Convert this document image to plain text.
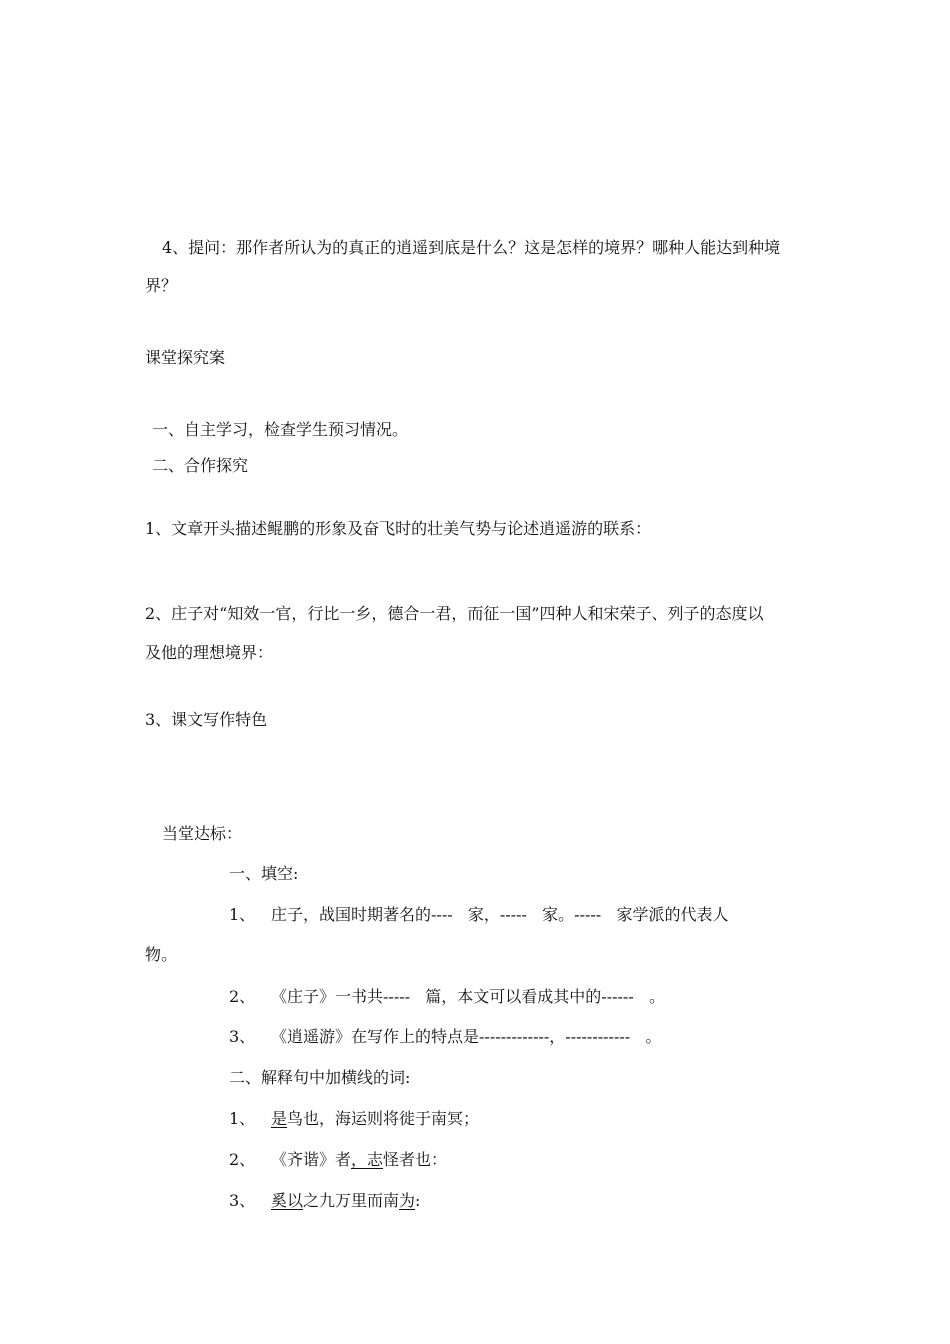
4、提问：那作者所认为的真正的逍遥到底是什么？这是怎样的境界？哪种人能达到种境
界？
课堂探究案
一、自主学习，检查学生预习情况。
二、合作探究
1、文章开头描述鲲鹏的形象及奋飞时的壮美气势与论述逍遥游的联系：
2、庄子对“知效一官，行比一乡，德合一君，而征一国”四种人和宋荣子、列子的态度以
及他的理想境界：
3、课文写作特色
当堂达标：
一、填空:
1、 庄子，战国时期著名的----   家，-----   家。-----   家学派的代表人
物。
2、 《庄子》一书共-----   篇，本文可以看成其中的------   。
3、 《逍遥游》在写作上的特点是-------------，------------   。
二、解释句中加横线的词:
1、 是鸟也，海运则将徙于南冥；
2、 《齐谐》者，志怪者也：
3、 奚以之九万里而南为:
